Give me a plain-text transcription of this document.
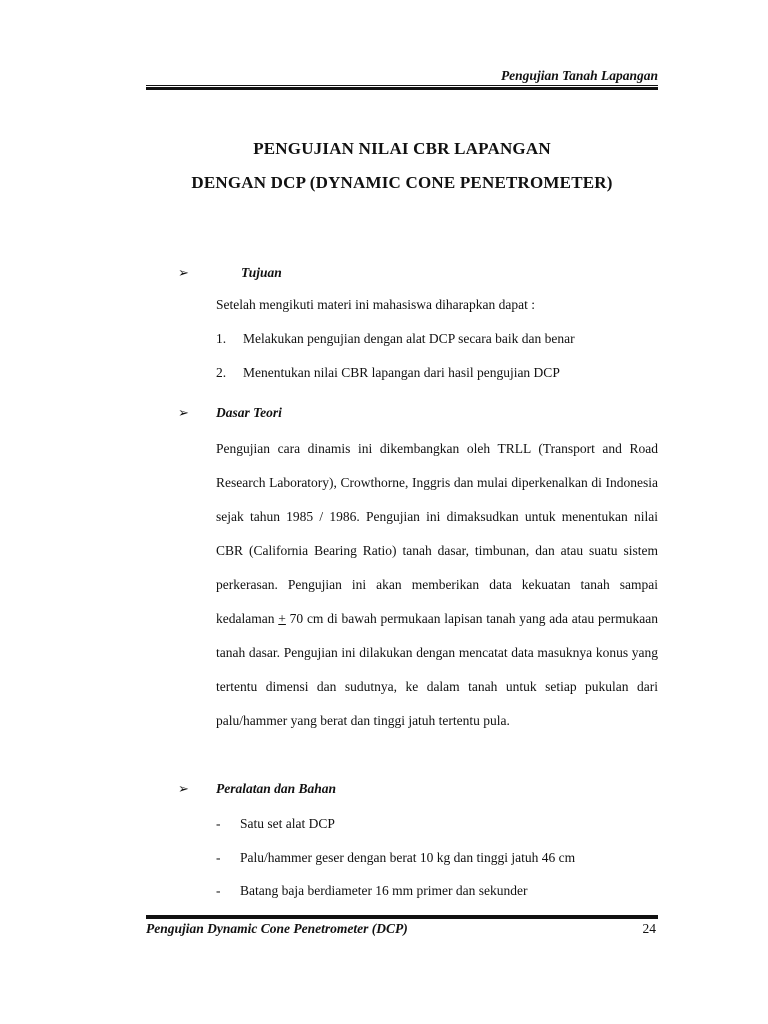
Pengujian Tanah Lapangan
PENGUJIAN NILAI CBR LAPANGAN
DENGAN DCP (DYNAMIC CONE PENETROMETER)
➢	Tujuan
Setelah mengikuti materi ini mahasiswa diharapkan dapat :
1. Melakukan pengujian dengan alat DCP secara baik dan benar
2. Menentukan nilai CBR lapangan dari hasil pengujian DCP
➢ Dasar Teori

Pengujian cara dinamis ini dikembangkan oleh TRLL (Transport and Road Research Laboratory), Crowthorne, Inggris dan mulai diperkenalkan di Indonesia sejak tahun 1985 / 1986. Pengujian ini dimaksudkan untuk menentukan nilai CBR (California Bearing Ratio) tanah dasar, timbunan, dan atau suatu sistem perkerasan. Pengujian ini akan memberikan data kekuatan tanah sampai kedalaman + 70 cm di bawah permukaan lapisan tanah yang ada atau permukaan tanah dasar. Pengujian ini dilakukan dengan mencatat data masuknya konus yang tertentu dimensi dan sudutnya, ke dalam tanah untuk setiap pukulan dari palu/hammer yang berat dan tinggi jatuh tertentu pula.

➢ Peralatan dan Bahan
- Satu set alat DCP
- Palu/hammer geser dengan berat 10 kg dan tinggi jatuh 46 cm
- Batang baja berdiameter 16 mm primer dan sekunder
Pengujian Dynamic Cone Penetrometer (DCP)	24
